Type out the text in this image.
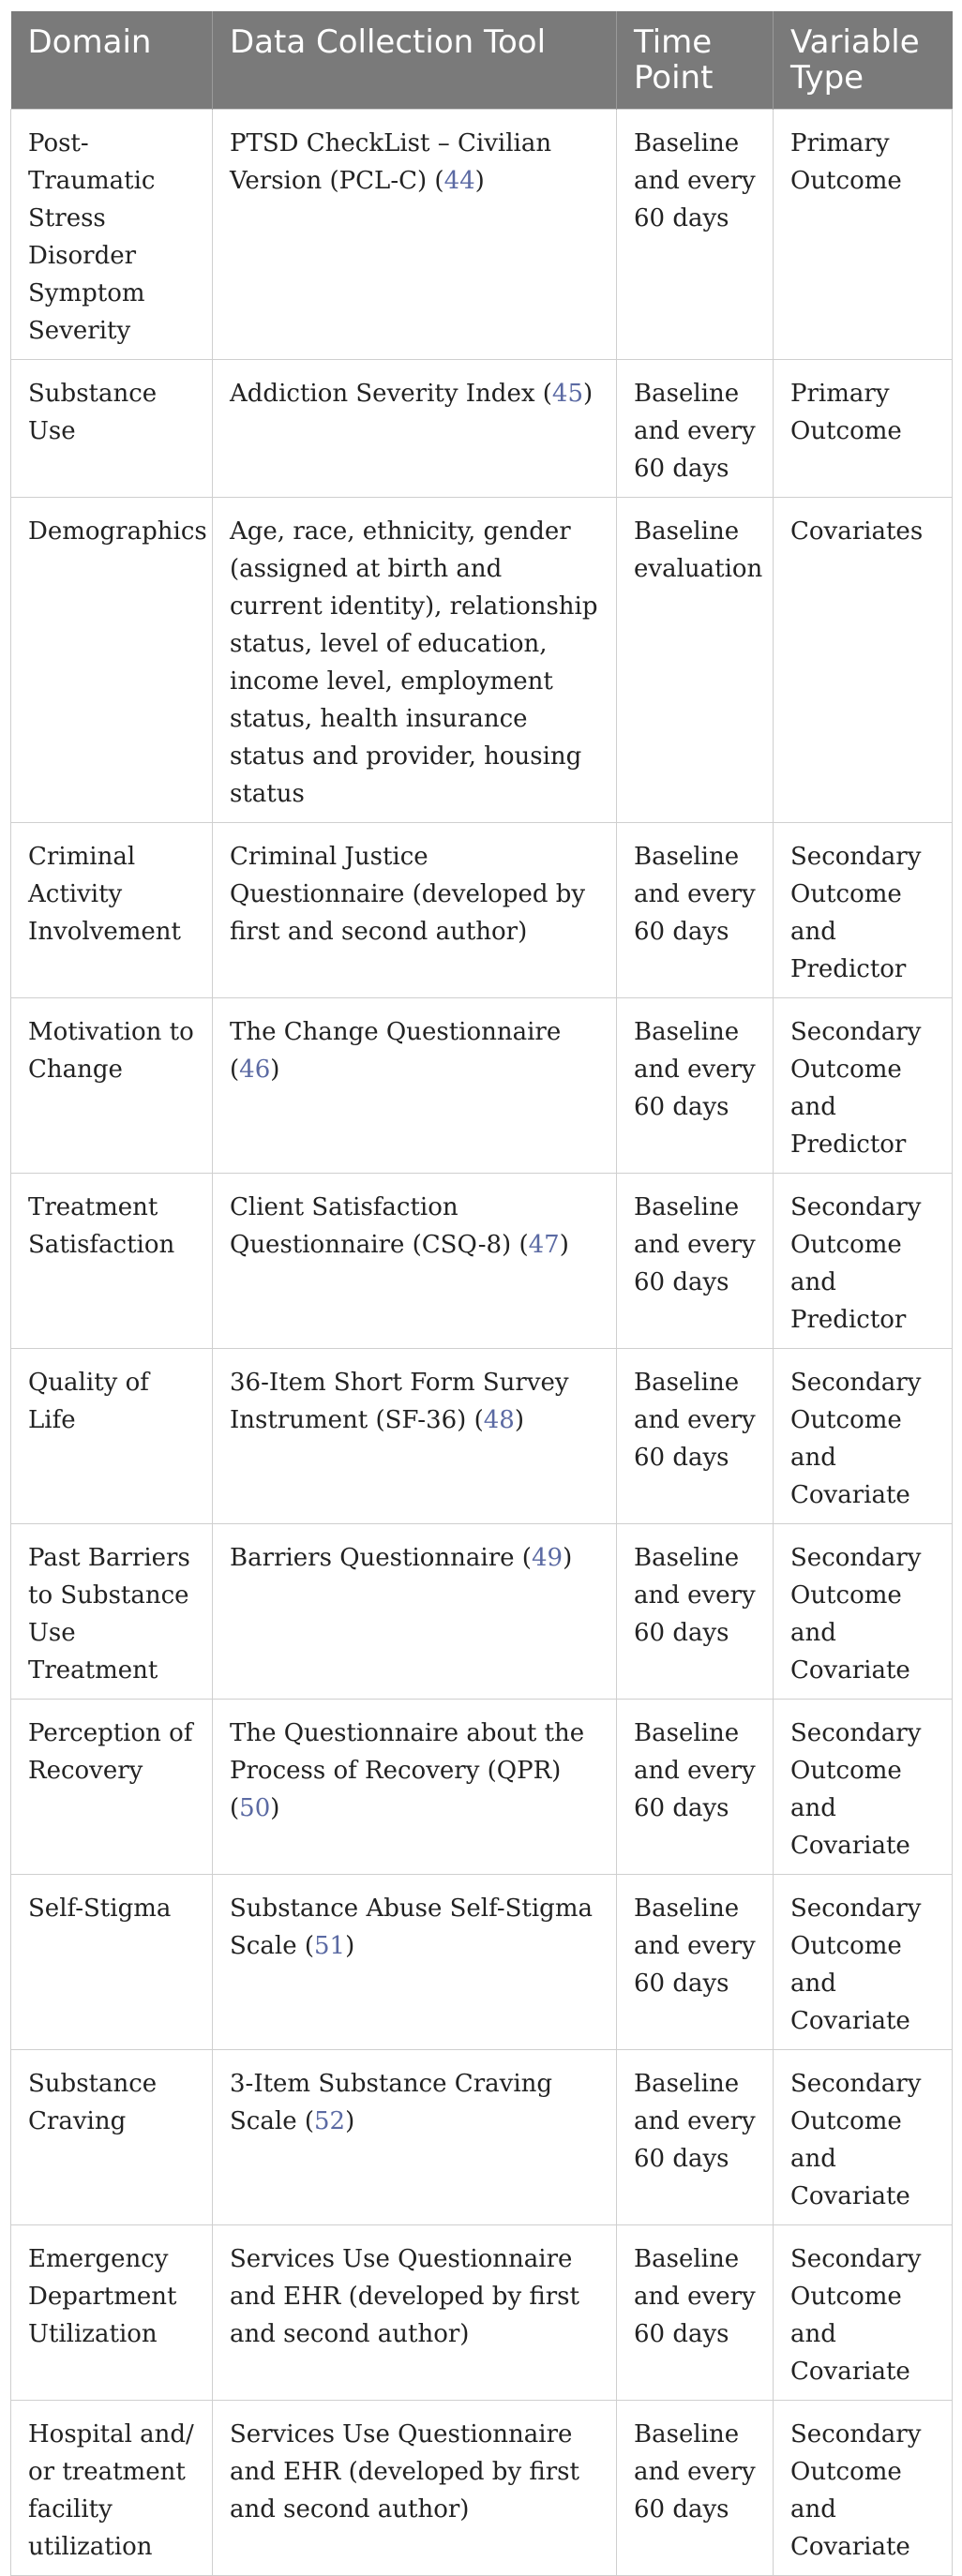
Domain	Data Collection Tool	Time Point	Variable Type
Post-Traumatic Stress Disorder Symptom Severity	PTSD CheckList – Civilian Version (PCL-C) (44)	Baseline and every 60 days	Primary Outcome
Substance Use	Addiction Severity Index (45)	Baseline and every 60 days	Primary Outcome
Demographics	Age, race, ethnicity, gender (assigned at birth and current identity), relationship status, level of education, income level, employment status, health insurance status and provider, housing status	Baseline evaluation	Covariates
Criminal Activity Involvement	Criminal Justice Questionnaire (developed by first and second author)	Baseline and every 60 days	Secondary Outcome and Predictor
Motivation to Change	The Change Questionnaire (46)	Baseline and every 60 days	Secondary Outcome and Predictor
Treatment Satisfaction	Client Satisfaction Questionnaire (CSQ-8) (47)	Baseline and every 60 days	Secondary Outcome and Predictor
Quality of Life	36-Item Short Form Survey Instrument (SF-36) (48)	Baseline and every 60 days	Secondary Outcome and Covariate
Past Barriers to Substance Use Treatment	Barriers Questionnaire (49)	Baseline and every 60 days	Secondary Outcome and Covariate
Perception of Recovery	The Questionnaire about the Process of Recovery (QPR) (50)	Baseline and every 60 days	Secondary Outcome and Covariate
Self-Stigma	Substance Abuse Self-Stigma Scale (51)	Baseline and every 60 days	Secondary Outcome and Covariate
Substance Craving	3-Item Substance Craving Scale (52)	Baseline and every 60 days	Secondary Outcome and Covariate
Emergency Department Utilization	Services Use Questionnaire and EHR (developed by first and second author)	Baseline and every 60 days	Secondary Outcome and Covariate
Hospital and/ or treatment facility utilization	Services Use Questionnaire and EHR (developed by first and second author)	Baseline and every 60 days	Secondary Outcome and Covariate
